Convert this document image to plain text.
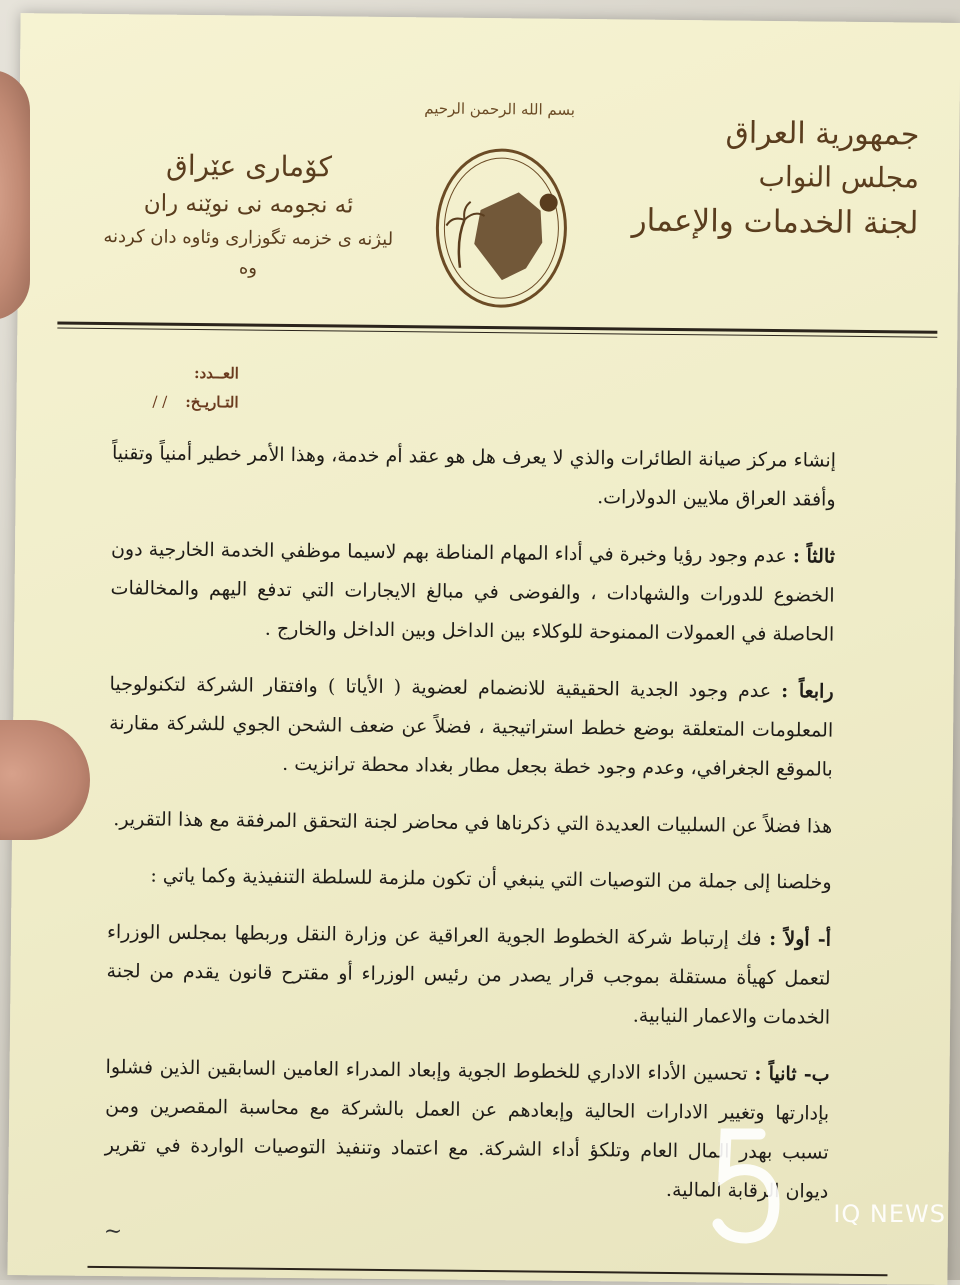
جمهورية العراق
مجلس النواب
لجنة الخدمات والإعمار
بسم الله الرحمن الرحيم
كۆماری عێراق
ئه نجومه نی نوێنه ران
لیژنه ی خزمه تگوزاری وئاوه دان كردنه وه
العــدد:
التـاريـخ:/ /

إنشاء مركز صيانة الطائرات والذي لا يعرف هل هو عقد أم خدمة، وهذا الأمر خطير أمنياً وتقنياً وأفقد العراق ملايين الدولارات.

ثالثاً : عدم وجود رؤيا وخبرة في أداء المهام المناطة بهم لاسيما موظفي الخدمة الخارجية دون الخضوع للدورات والشهادات ، والفوضى في مبالغ الايجارات التي تدفع اليهم والمخالفات الحاصلة في العمولات الممنوحة للوكلاء بين الداخل وبين الداخل والخارج .

رابعاً : عدم وجود الجدية الحقيقية للانضمام لعضوية ( الأياتا ) وافتقار الشركة لتكنولوجيا المعلومات المتعلقة بوضع خطط استراتيجية ، فضلاً عن ضعف الشحن الجوي للشركة مقارنة بالموقع الجغرافي، وعدم وجود خطة بجعل مطار بغداد محطة ترانزيت .

هذا فضلاً عن السلبيات العديدة التي ذكرناها في محاضر لجنة التحقق المرفقة مع هذا التقرير.

وخلصنا إلى جملة من التوصيات التي ينبغي أن تكون ملزمة للسلطة التنفيذية وكما ياتي :

أ- أولاً : فك إرتباط شركة الخطوط الجوية العراقية عن وزارة النقل وربطها بمجلس الوزراء لتعمل كهيأة مستقلة بموجب قرار يصدر من رئيس الوزراء أو مقترح قانون يقدم من لجنة الخدمات والاعمار النيابية.

ب- ثانياً : تحسين الأداء الاداري للخطوط الجوية وإبعاد المدراء العامين السابقين الذين فشلوا بإدارتها وتغيير الادارات الحالية وإبعادهم عن العمل بالشركة مع محاسبة المقصرين ومن تسبب بهدر المال العام وتلكؤ أداء الشركة. مع اعتماد وتنفيذ التوصيات الواردة في تقرير ديوان الرقابة المالية.

~
IQ NEWS
